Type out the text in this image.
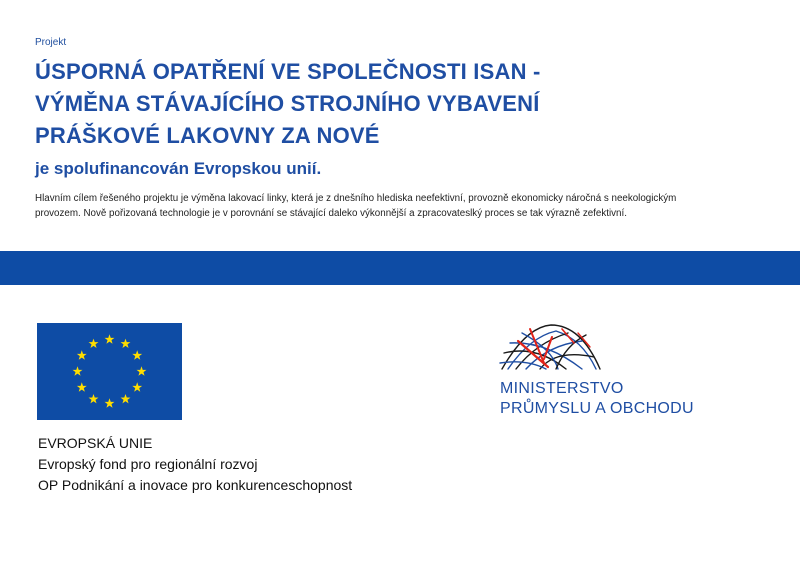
Projekt
ÚSPORNÁ OPATŘENÍ VE SPOLEČNOSTI ISAN -
VÝMĚNA STÁVAJÍCÍHO STROJNÍHO VYBAVENÍ
PRÁŠKOVÉ LAKOVNY ZA NOVÉ
je spolufinancován Evropskou unií.
Hlavním cílem řešeného projektu je výměna lakovací linky, která je z dnešního hlediska neefektivní, provozně ekonomicky náročná s neekologickým
provozem. Nově pořizovaná technologie je v porovnání se stávající daleko výkonnější a zpracovateslký proces se tak výrazně zefektivní.
EVROPSKÁ UNIE
Evropský fond pro regionální rozvoj
OP Podnikání a inovace pro konkurenceschopnost
MINISTERSTVO
PRŮMYSLU A OBCHODU
